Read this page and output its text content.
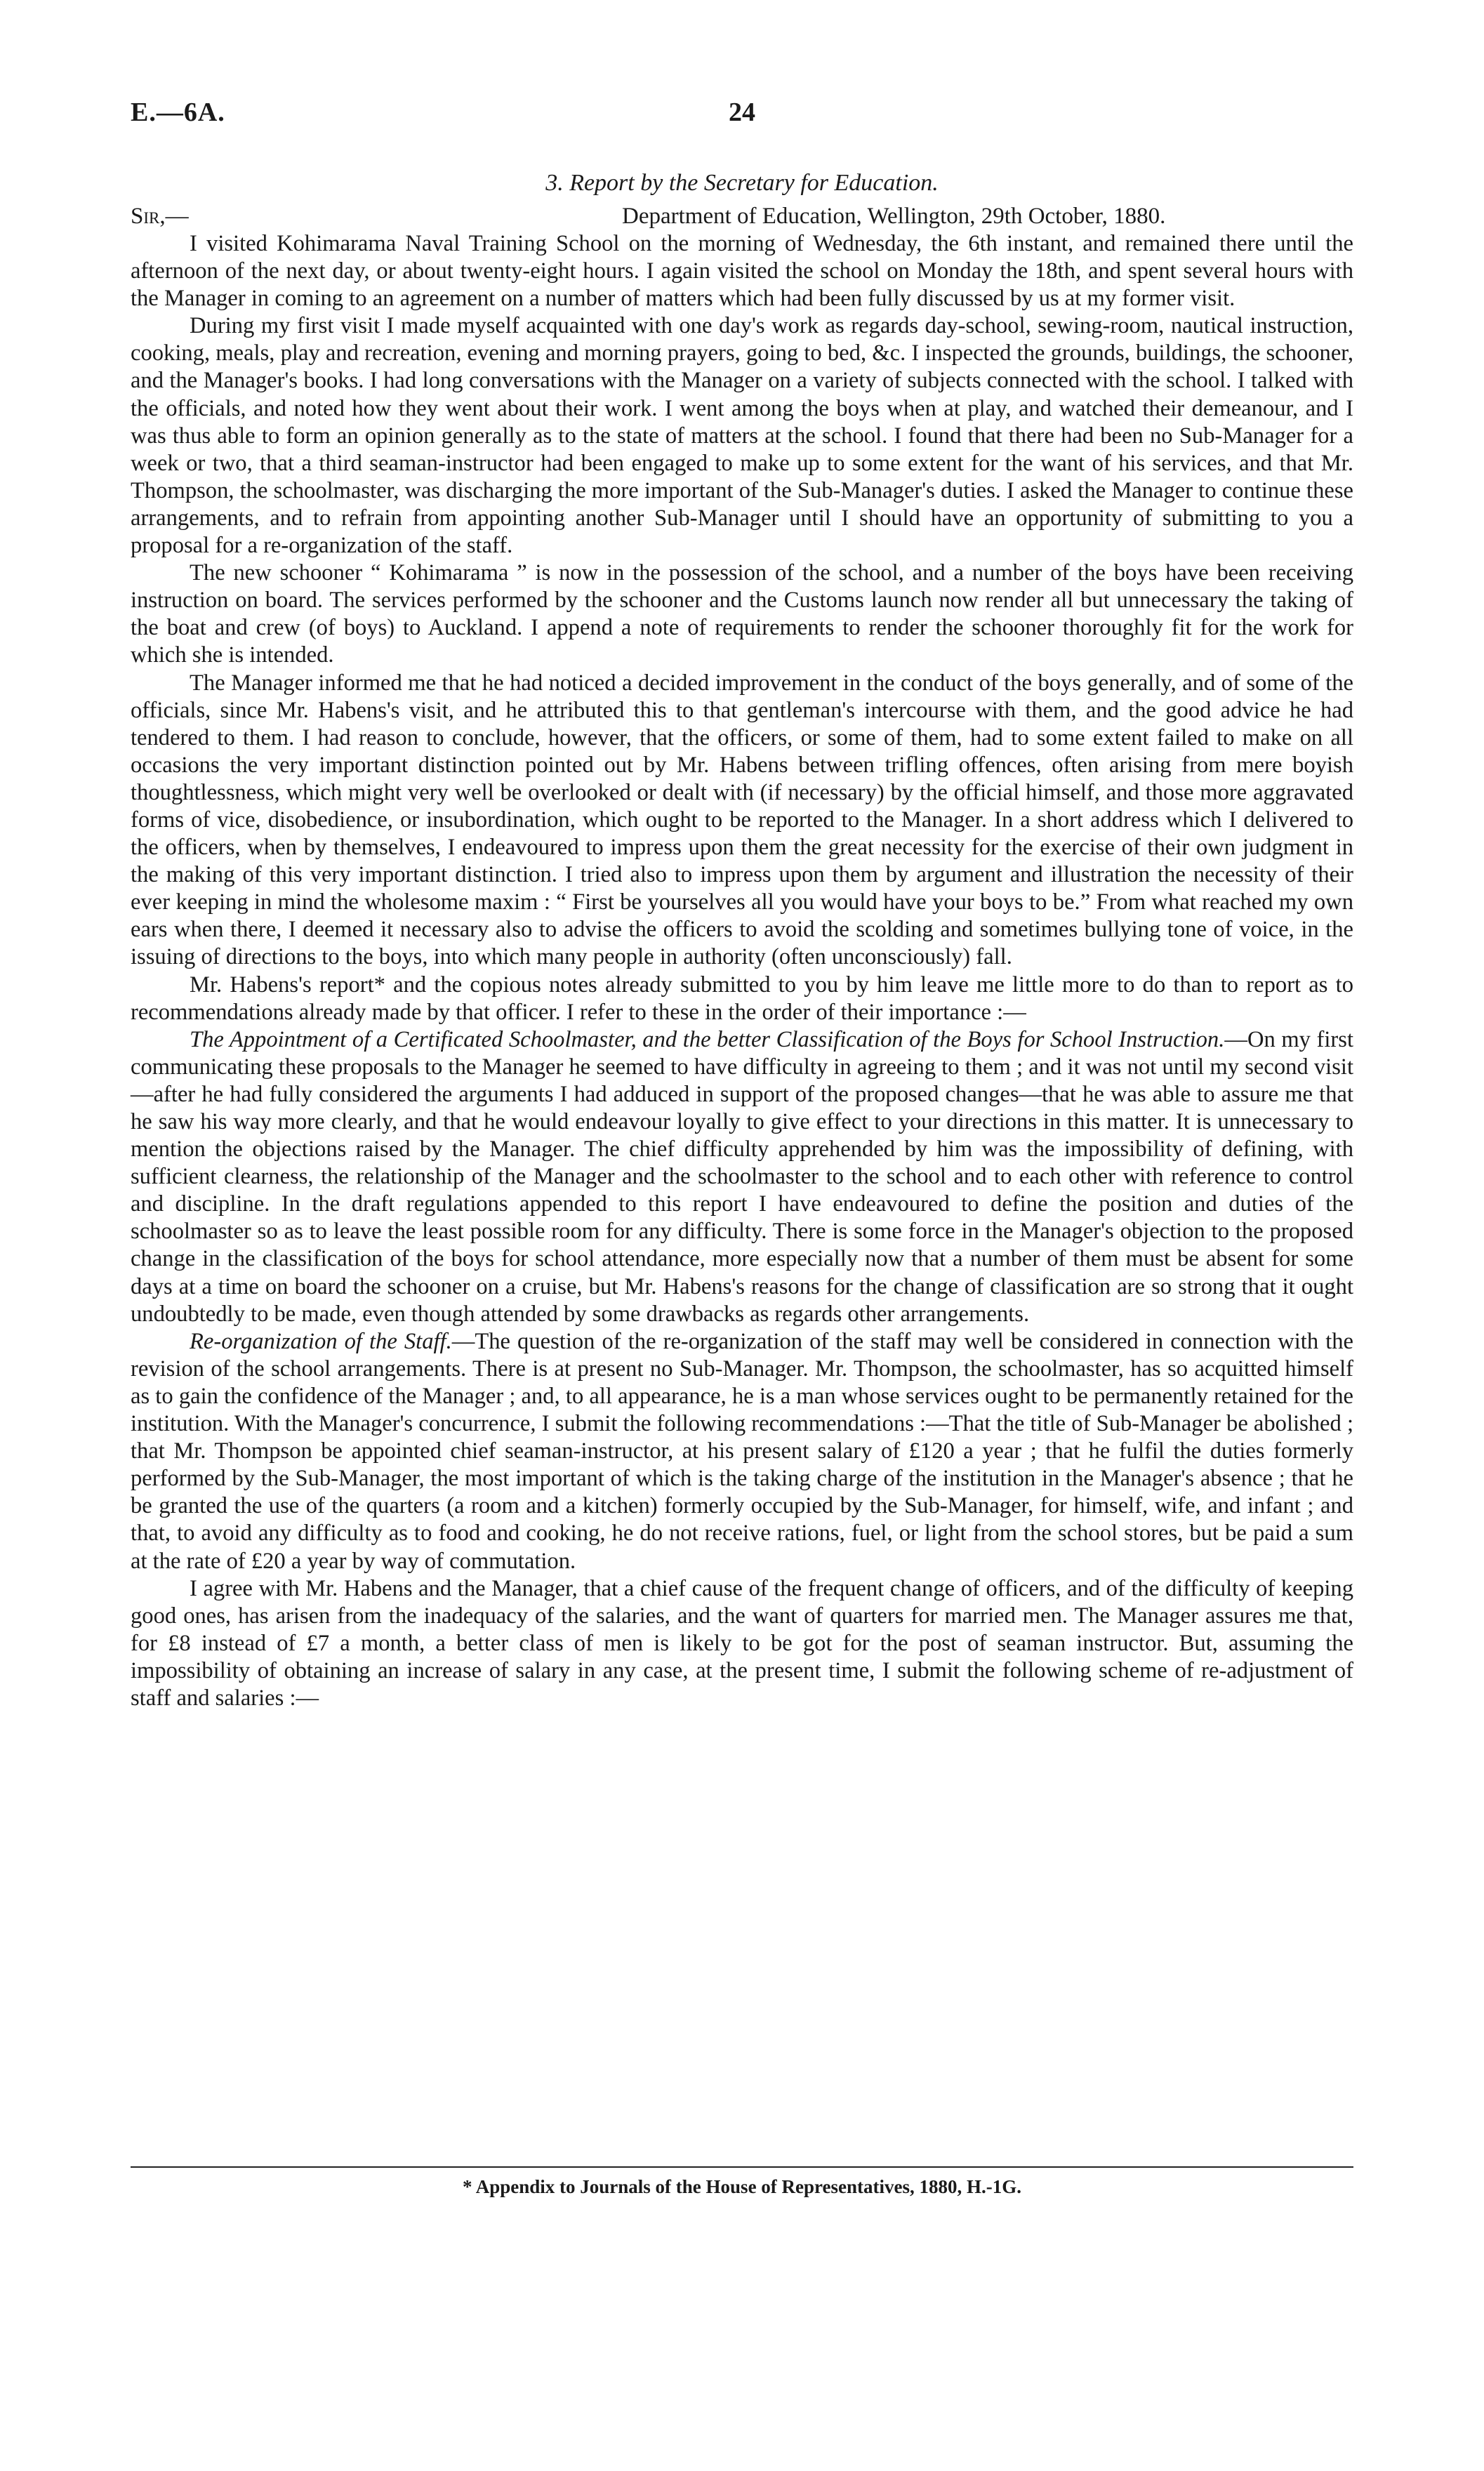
E.—6A.	24
3. Report by the Secretary for Education.
Sir,—	Department of Education, Wellington, 29th October, 1880.

I visited Kohimarama Naval Training School on the morning of Wednesday, the 6th instant, and remained there until the afternoon of the next day, or about twenty-eight hours. I again visited the school on Monday the 18th, and spent several hours with the Manager in coming to an agreement on a number of matters which had been fully discussed by us at my former visit.

During my first visit I made myself acquainted with one day's work as regards day-school, sewing-room, nautical instruction, cooking, meals, play and recreation, evening and morning prayers, going to bed, &c. I inspected the grounds, buildings, the schooner, and the Manager's books. I had long conversations with the Manager on a variety of subjects connected with the school. I talked with the officials, and noted how they went about their work. I went among the boys when at play, and watched their demeanour, and I was thus able to form an opinion generally as to the state of matters at the school. I found that there had been no Sub-Manager for a week or two, that a third seaman-instructor had been engaged to make up to some extent for the want of his services, and that Mr. Thompson, the schoolmaster, was discharging the more important of the Sub-Manager's duties. I asked the Manager to continue these arrangements, and to refrain from appointing another Sub-Manager until I should have an opportunity of submitting to you a proposal for a re-organization of the staff.

The new schooner “ Kohimarama ” is now in the possession of the school, and a number of the boys have been receiving instruction on board. The services performed by the schooner and the Customs launch now render all but unnecessary the taking of the boat and crew (of boys) to Auckland. I append a note of requirements to render the schooner thoroughly fit for the work for which she is intended.

The Manager informed me that he had noticed a decided improvement in the conduct of the boys generally, and of some of the officials, since Mr. Habens's visit, and he attributed this to that gentleman's intercourse with them, and the good advice he had tendered to them. I had reason to conclude, however, that the officers, or some of them, had to some extent failed to make on all occasions the very important distinction pointed out by Mr. Habens between trifling offences, often arising from mere boyish thoughtlessness, which might very well be overlooked or dealt with (if necessary) by the official himself, and those more aggravated forms of vice, disobedience, or insubordination, which ought to be reported to the Manager. In a short address which I delivered to the officers, when by themselves, I endeavoured to impress upon them the great necessity for the exercise of their own judgment in the making of this very important distinction. I tried also to impress upon them by argument and illustration the necessity of their ever keeping in mind the wholesome maxim : “ First be yourselves all you would have your boys to be.” From what reached my own ears when there, I deemed it necessary also to advise the officers to avoid the scolding and sometimes bullying tone of voice, in the issuing of directions to the boys, into which many people in authority (often unconsciously) fall.

Mr. Habens's report* and the copious notes already submitted to you by him leave me little more to do than to report as to recommendations already made by that officer. I refer to these in the order of their importance :—

The Appointment of a Certificated Schoolmaster, and the better Classification of the Boys for School Instruction.—On my first communicating these proposals to the Manager he seemed to have difficulty in agreeing to them ; and it was not until my second visit—after he had fully considered the arguments I had adduced in support of the proposed changes—that he was able to assure me that he saw his way more clearly, and that he would endeavour loyally to give effect to your directions in this matter. It is unnecessary to mention the objections raised by the Manager. The chief difficulty apprehended by him was the impossibility of defining, with sufficient clearness, the relationship of the Manager and the schoolmaster to the school and to each other with reference to control and discipline. In the draft regulations appended to this report I have endeavoured to define the position and duties of the schoolmaster so as to leave the least possible room for any difficulty. There is some force in the Manager's objection to the proposed change in the classification of the boys for school attendance, more especially now that a number of them must be absent for some days at a time on board the schooner on a cruise, but Mr. Habens's reasons for the change of classification are so strong that it ought undoubtedly to be made, even though attended by some drawbacks as regards other arrangements.

Re-organization of the Staff.—The question of the re-organization of the staff may well be considered in connection with the revision of the school arrangements. There is at present no Sub-Manager. Mr. Thompson, the schoolmaster, has so acquitted himself as to gain the confidence of the Manager ; and, to all appearance, he is a man whose services ought to be permanently retained for the institution. With the Manager's concurrence, I submit the following recommendations :—That the title of Sub-Manager be abolished ; that Mr. Thompson be appointed chief seaman-instructor, at his present salary of £120 a year ; that he fulfil the duties formerly performed by the Sub-Manager, the most important of which is the taking charge of the institution in the Manager's absence ; that he be granted the use of the quarters (a room and a kitchen) formerly occupied by the Sub-Manager, for himself, wife, and infant ; and that, to avoid any difficulty as to food and cooking, he do not receive rations, fuel, or light from the school stores, but be paid a sum at the rate of £20 a year by way of commutation.

I agree with Mr. Habens and the Manager, that a chief cause of the frequent change of officers, and of the difficulty of keeping good ones, has arisen from the inadequacy of the salaries, and the want of quarters for married men. The Manager assures me that, for £8 instead of £7 a month, a better class of men is likely to be got for the post of seaman instructor. But, assuming the impossibility of obtaining an increase of salary in any case, at the present time, I submit the following scheme of re-adjustment of staff and salaries :—

* Appendix to Journals of the House of Representatives, 1880, H.-1G.
